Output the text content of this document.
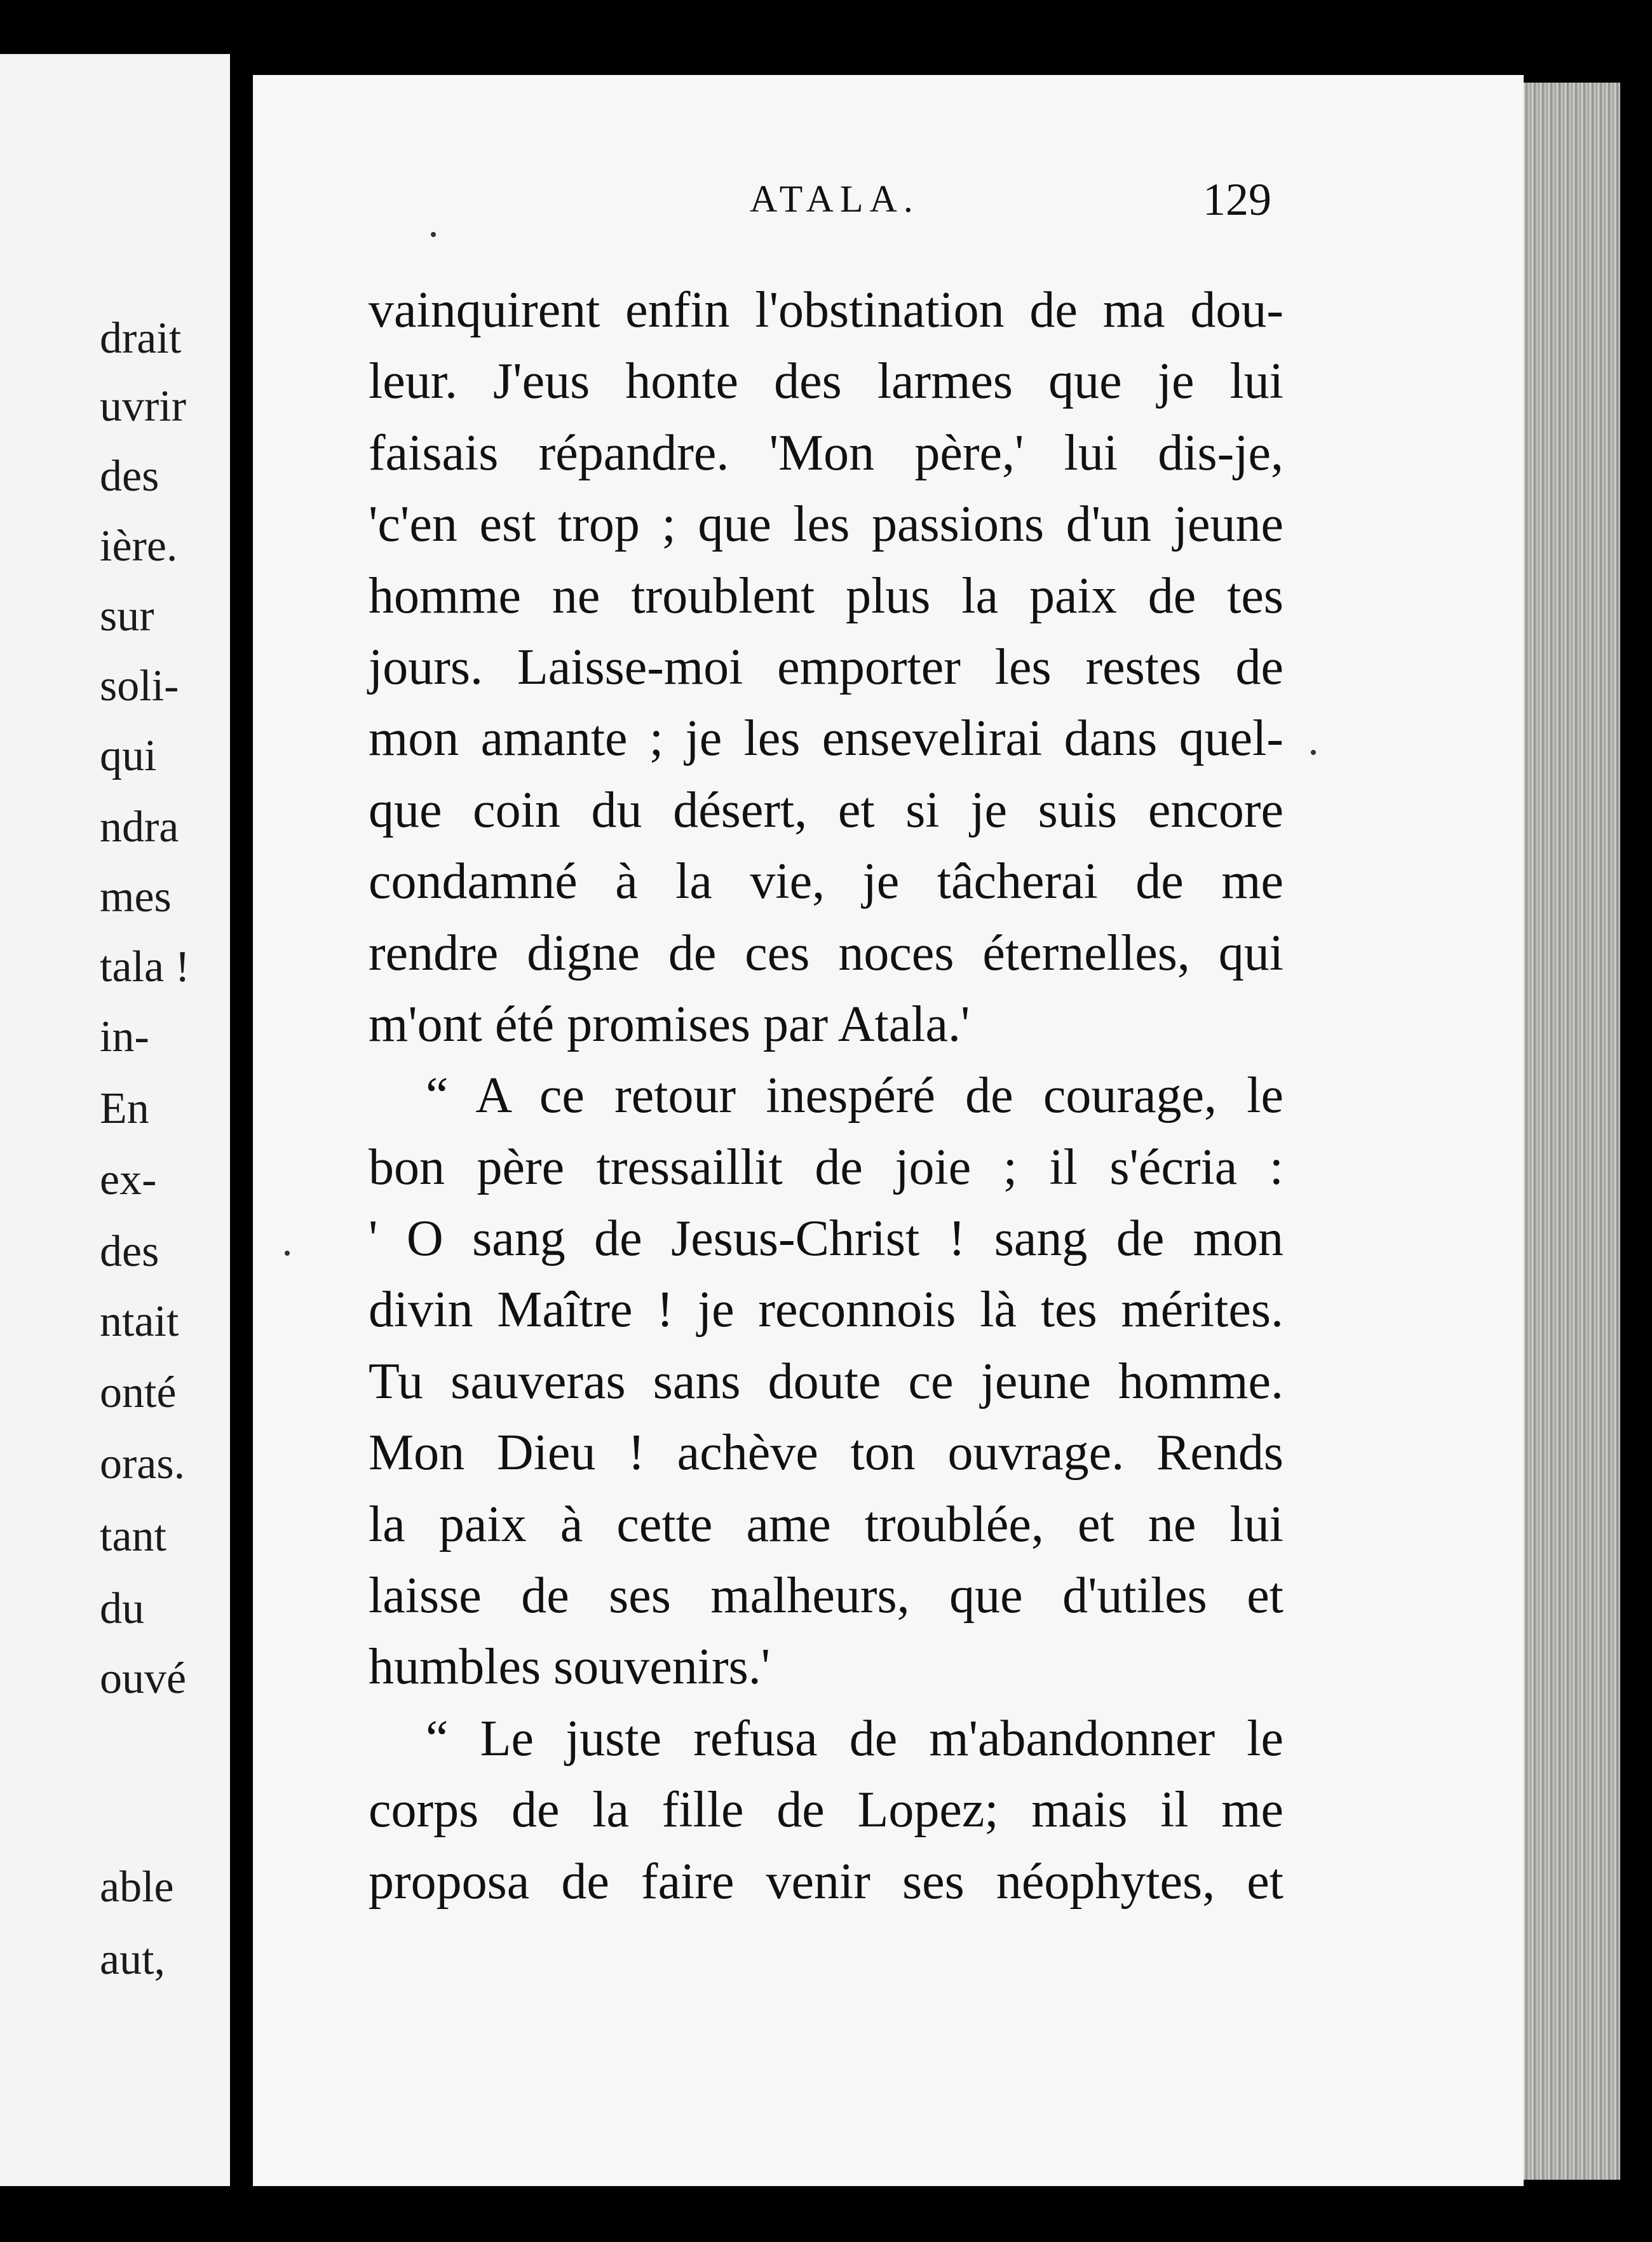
drait
uvrir
des
ière.
sur
soli-
qui
ndra
mes
tala !
in-
En
ex-
des
ntait
onté
oras.
tant
du
ouvé
able
aut,
ATALA.	129
vainquirent enfin l'obstination de ma dou-
leur. J'eus honte des larmes que je lui
faisais répandre. 'Mon père,' lui dis-je,
'c'en est trop ; que les passions d'un jeune
homme ne troublent plus la paix de tes
jours. Laisse-moi emporter les restes de
mon amante ; je les ensevelirai dans quel-
que coin du désert, et si je suis encore
condamné à la vie, je tâcherai de me
rendre digne de ces noces éternelles, qui
m'ont été promises par Atala.'
“ A ce retour inespéré de courage, le
bon père tressaillit de joie ; il s'écria :
' O sang de Jesus-Christ ! sang de mon
divin Maître ! je reconnois là tes mérites.
Tu sauveras sans doute ce jeune homme.
Mon Dieu ! achève ton ouvrage. Rends
la paix à cette ame troublée, et ne lui
laisse de ses malheurs, que d'utiles et
humbles souvenirs.'
“ Le juste refusa de m'abandonner le
corps de la fille de Lopez; mais il me
proposa de faire venir ses néophytes, et
